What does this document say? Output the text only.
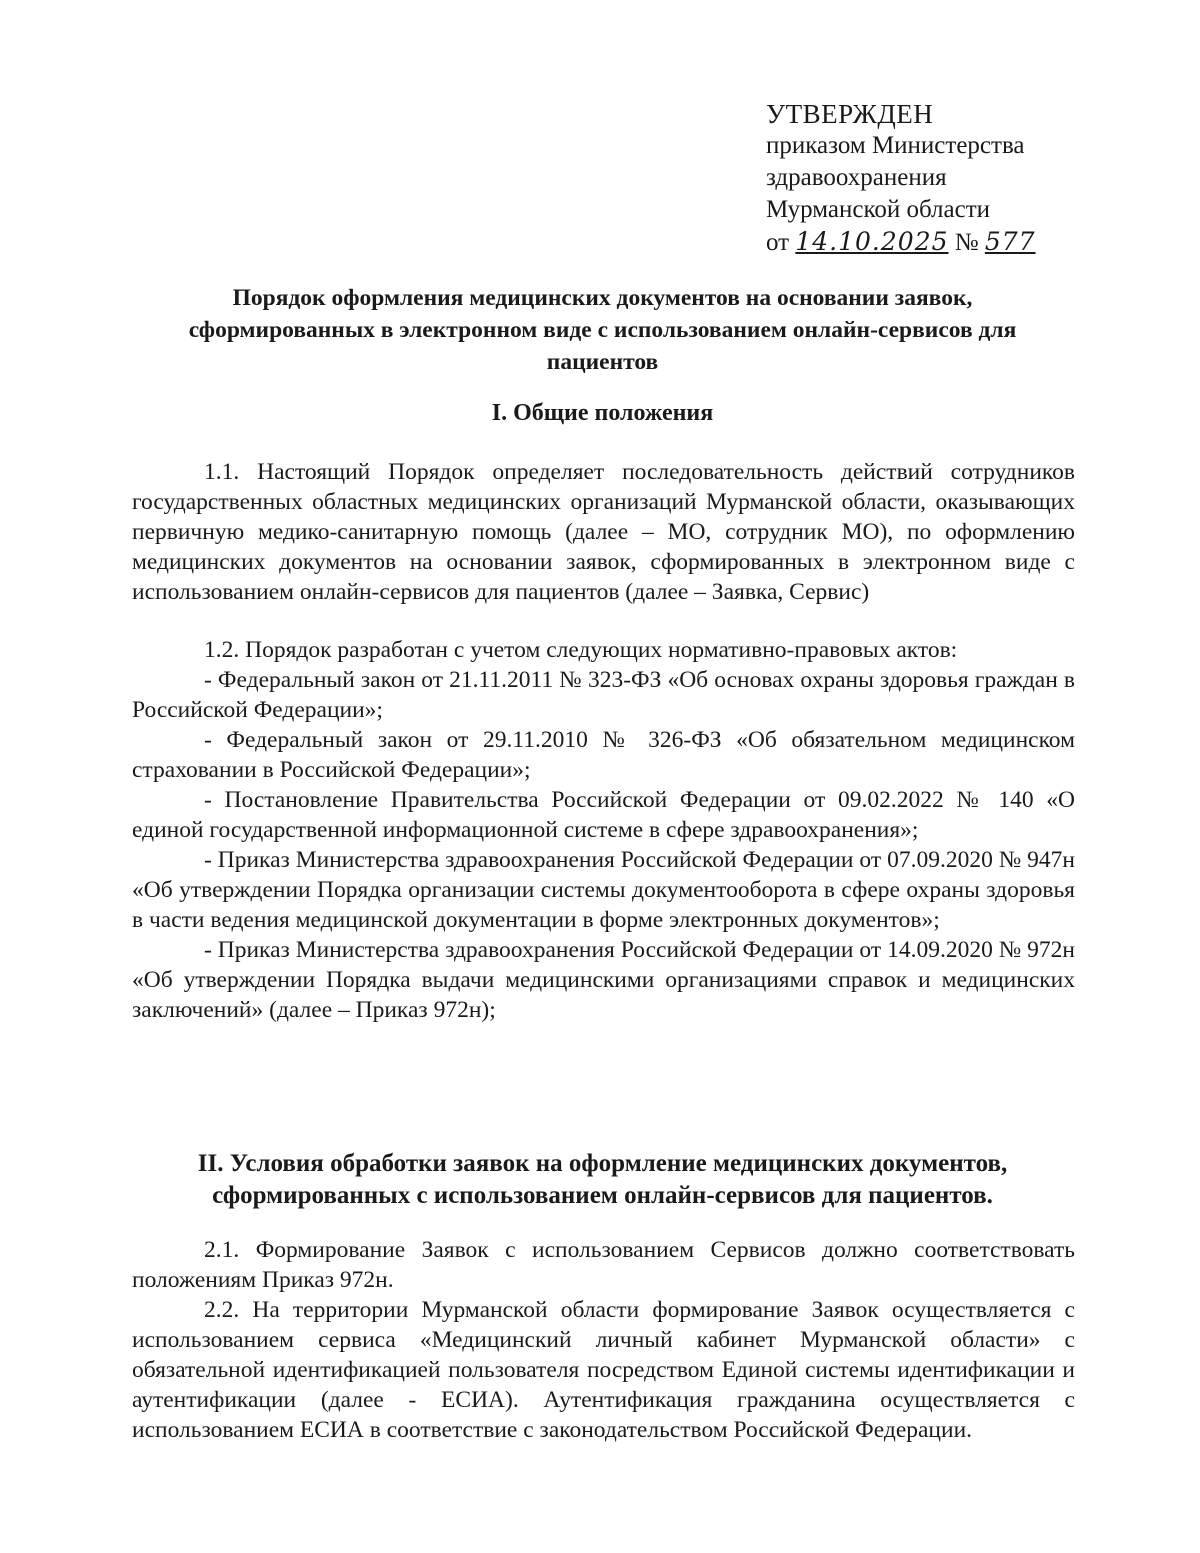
УТВЕРЖДЕН
приказом Министерства
здравоохранения
Мурманской области
от 14.10.2025 № 577
Порядок оформления медицинских документов на основании заявок,
сформированных в электронном виде с использованием онлайн-сервисов для
пациентов
I. Общие положения

1.1. Настоящий Порядок определяет последовательность действий сотрудников государственных областных медицинских организаций Мурманской области, оказывающих первичную медико-санитарную помощь (далее – МО, сотрудник МО), по оформлению медицинских документов на основании заявок, сформированных в электронном виде с использованием онлайн-сервисов для пациентов (далее – Заявка, Сервис)

1.2. Порядок разработан с учетом следующих нормативно-правовых актов:

- Федеральный закон от 21.11.2011 № 323-ФЗ «Об основах охраны здоровья граждан в Российской Федерации»;

- Федеральный закон от 29.11.2010 № 326-ФЗ «Об обязательном медицинском страховании в Российской Федерации»;

- Постановление Правительства Российской Федерации от 09.02.2022 № 140 «О единой государственной информационной системе в сфере здравоохранения»;

- Приказ Министерства здравоохранения Российской Федерации от 07.09.2020 № 947н «Об утверждении Порядка организации системы документооборота в сфере охраны здоровья в части ведения медицинской документации в форме электронных документов»;

- Приказ Министерства здравоохранения Российской Федерации от 14.09.2020 № 972н «Об утверждении Порядка выдачи медицинскими организациями справок и медицинских заключений» (далее – Приказ 972н);

II. Условия обработки заявок на оформление медицинских документов,
сформированных с использованием онлайн-сервисов для пациентов.

2.1. Формирование Заявок с использованием Сервисов должно соответствовать положениям Приказ 972н.

2.2. На территории Мурманской области формирование Заявок осуществляется с использованием сервиса «Медицинский личный кабинет Мурманской области» с обязательной идентификацией пользователя посредством Единой системы идентификации и аутентификации (далее - ЕСИА). Аутентификация гражданина осуществляется с использованием ЕСИА в соответствие с законодательством Российской Федерации.
